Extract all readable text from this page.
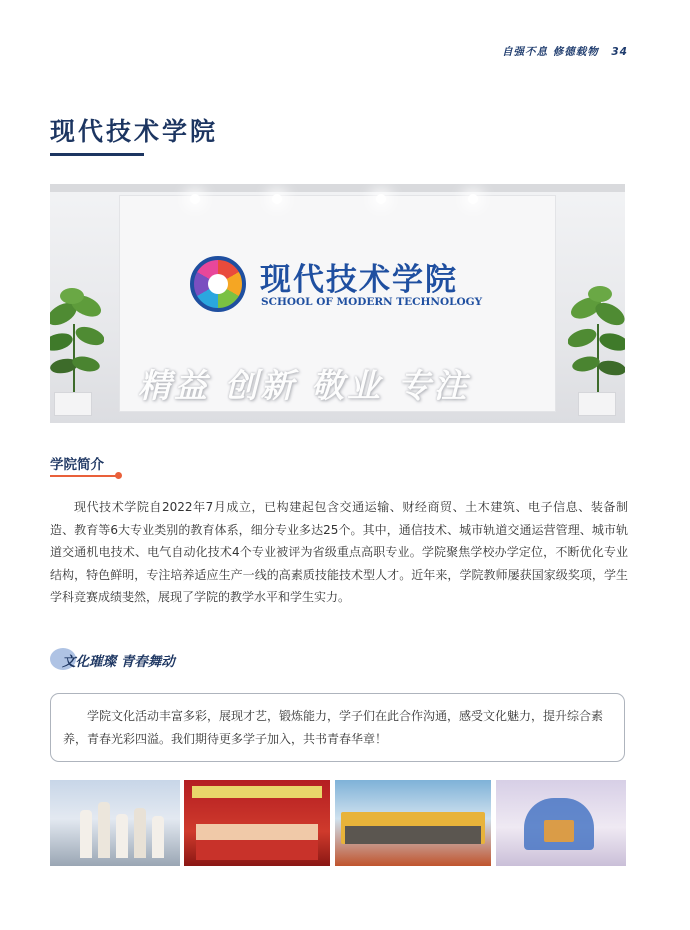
自强不息 修德载物 34
现代技术学院
现代技术学院
SCHOOL OF MODERN TECHNOLOGY
精益 创新 敬业 专注
学院简介

现代技术学院自2022年7月成立，已构建起包含交通运输、财经商贸、土木建筑、电子信息、装备制造、教育等6大专业类别的教育体系，细分专业多达25个。其中，通信技术、城市轨道交通运营管理、城市轨道交通机电技术、电气自动化技术4个专业被评为省级重点高职专业。学院聚焦学校办学定位，不断优化专业结构，特色鲜明，专注培养适应生产一线的高素质技能技术型人才。近年来，学院教师屡获国家级奖项，学生学科竞赛成绩斐然，展现了学院的教学水平和学生实力。

文化璀璨 青春舞动

学院文化活动丰富多彩，展现才艺，锻炼能力，学子们在此合作沟通，感受文化魅力，提升综合素养，青春光彩四溢。我们期待更多学子加入，共书青春华章！
